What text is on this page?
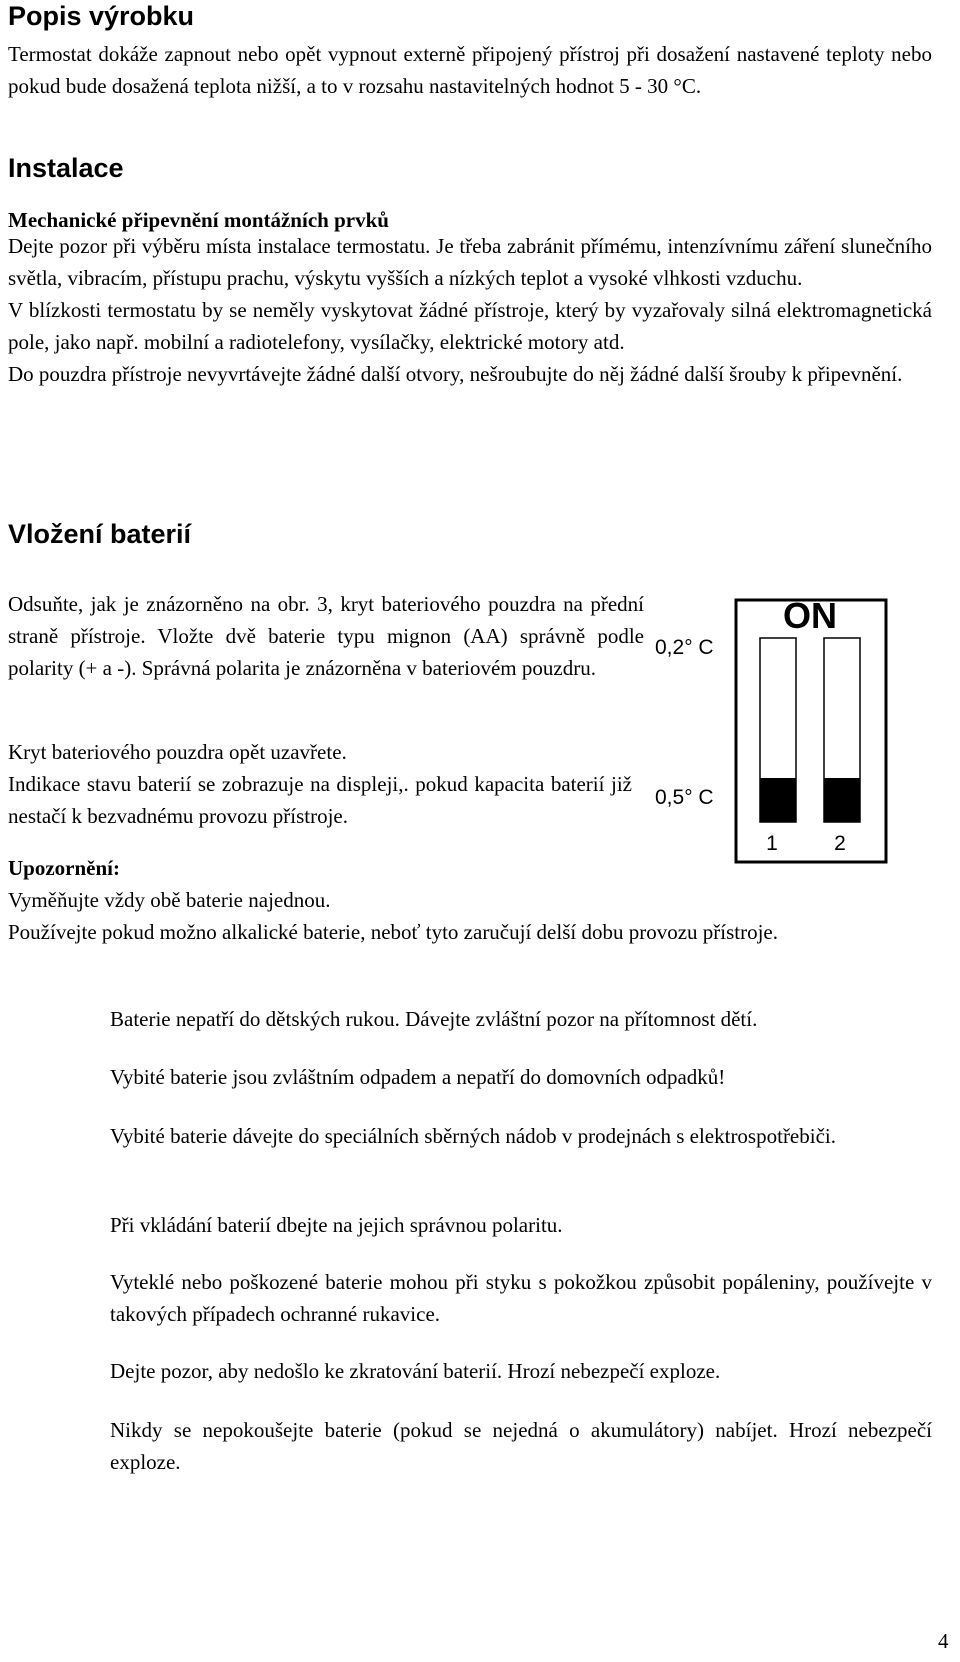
Popis výrobku

Termostat dokáže zapnout nebo opět vypnout externě připojený přístroj při dosažení nastavené teploty nebo pokud bude dosažená teplota nižší, a to v rozsahu nastavitelných hodnot 5 - 30 °C.

Instalace
Mechanické připevnění montážních prvků

Dejte pozor při výběru místa instalace termostatu. Je třeba zabránit přímému, intenzívnímu záření slunečního světla, vibracím, přístupu prachu, výskytu vyšších a nízkých teplot a vysoké vlhkosti vzduchu.

V blízkosti termostatu by se neměly vyskytovat žádné přístroje, který by vyzařovaly silná elektromagnetická pole, jako např. mobilní a radiotelefony, vysílačky, elektrické motory atd.

Do pouzdra přístroje nevyvrtávejte žádné další otvory, nešroubujte do něj žádné další šrouby k připevnění.

Vložení baterií

Odsuňte, jak je znázorněno na obr. 3, kryt bateriového pouzdra na přední straně přístroje. Vložte dvě baterie typu mignon (AA) správně podle polarity (+ a -). Správná polarita je znázorněna v bateriovém pouzdru.

Kryt bateriového pouzdra opět uzavřete.

Indikace stavu baterií se zobrazuje na displeji,. pokud kapacita baterií již nestačí k bezvadnému provozu přístroje.

0,2° C
0,5° C
ON
1	2

Upozornění:

Vyměňujte vždy obě baterie najednou.

Používejte pokud možno alkalické baterie, neboť tyto zaručují delší dobu provozu přístroje.

Baterie nepatří do dětských rukou. Dávejte zvláštní pozor na přítomnost dětí.

Vybité baterie jsou zvláštním odpadem a nepatří do domovních odpadků!

Vybité baterie dávejte do speciálních sběrných nádob v prodejnách s elektrospotřebiči.

Při vkládání baterií dbejte na jejich správnou polaritu.

Vyteklé nebo poškozené baterie mohou při styku s pokožkou způsobit popáleniny, používejte v takových případech ochranné rukavice.

Dejte pozor, aby nedošlo ke zkratování baterií. Hrozí nebezpečí exploze.

Nikdy se nepokoušejte baterie (pokud se nejedná o akumulátory) nabíjet. Hrozí nebezpečí exploze.

4
